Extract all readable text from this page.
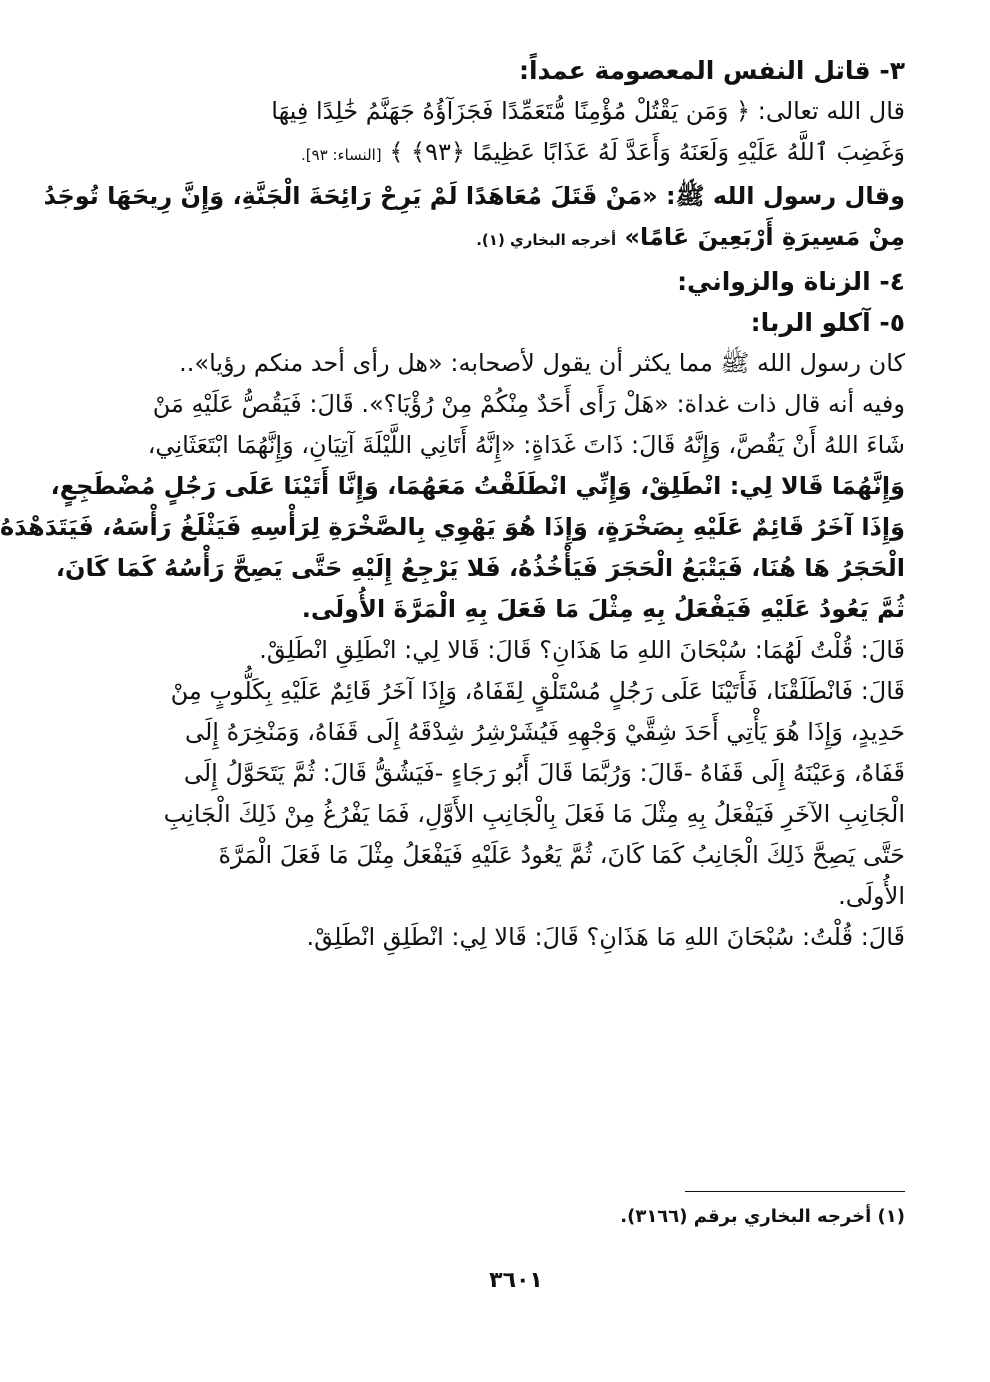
٣- قاتل النفس المعصومة عمداً:
قال الله تعالى: ﴿ وَمَن يَقْتُلْ مُؤْمِنًا مُّتَعَمِّدًا فَجَزَآؤُهُ جَهَنَّمُ خَٰلِدًا فِيهَا
وَغَضِبَ ٱللَّهُ عَلَيْهِ وَلَعَنَهُ وَأَعَدَّ لَهُ عَذَابًا عَظِيمًا ﴿٩٣﴾ ﴾ [النساء: ٩٣].
وقال رسول الله ﷺ: «مَنْ قَتَلَ مُعَاهَدًا لَمْ يَرِحْ رَائِحَةَ الْجَنَّةِ، وَإِنَّ رِيحَهَا تُوجَدُ
مِنْ مَسِيرَةِ أَرْبَعِينَ عَامًا» أخرجه البخاري (١).
٤- الزناة والزواني:
٥- آكلو الربا:
كان رسول الله ﷺ مما يكثر أن يقول لأصحابه: «هل رأى أحد منكم رؤيا»..
وفيه أنه قال ذات غداة: «هَلْ رَأَى أَحَدٌ مِنْكُمْ مِنْ رُؤْيَا؟». قَالَ: فَيَقُصُّ عَلَيْهِ مَنْ
شَاءَ اللهُ أَنْ يَقُصَّ، وَإِنَّهُ قَالَ: ذَاتَ غَدَاةٍ: «إِنَّهُ أَتَانِي اللَّيْلَةَ آتِيَانِ، وَإِنَّهُمَا ابْتَعَثَانِي،
وَإِنَّهُمَا قَالا لِي: انْطَلِقْ، وَإِنِّي انْطَلَقْتُ مَعَهُمَا، وَإِنَّا أَتَيْنَا عَلَى رَجُلٍ مُضْطَجِعٍ،
وَإِذَا آخَرُ قَائِمٌ عَلَيْهِ بِصَخْرَةٍ، وَإِذَا هُوَ يَهْوِي بِالصَّخْرَةِ لِرَأْسِهِ فَيَثْلَغُ رَأْسَهُ، فَيَتَدَهْدَهُ
الْحَجَرُ هَا هُنَا، فَيَتْبَعُ الْحَجَرَ فَيَأْخُذُهُ، فَلا يَرْجِعُ إِلَيْهِ حَتَّى يَصِحَّ رَأْسُهُ كَمَا كَانَ،
ثُمَّ يَعُودُ عَلَيْهِ فَيَفْعَلُ بِهِ مِثْلَ مَا فَعَلَ بِهِ الْمَرَّةَ الأُولَى.
قَالَ: قُلْتُ لَهُمَا: سُبْحَانَ اللهِ مَا هَذَانِ؟ قَالَ: قَالا لِي: انْطَلِقِ انْطَلِقْ.
قَالَ: فَانْطَلَقْنَا، فَأَتَيْنَا عَلَى رَجُلٍ مُسْتَلْقٍ لِقَفَاهُ، وَإِذَا آخَرُ قَائِمٌ عَلَيْهِ بِكَلُّوبٍ مِنْ
حَدِيدٍ، وَإِذَا هُوَ يَأْتِي أَحَدَ شِقَّيْ وَجْهِهِ فَيُشَرْشِرُ شِدْقَهُ إِلَى قَفَاهُ، وَمَنْخِرَهُ إِلَى
قَفَاهُ، وَعَيْنَهُ إِلَى قَفَاهُ -قَالَ: وَرُبَّمَا قَالَ أَبُو رَجَاءٍ -فَيَشُقُّ قَالَ: ثُمَّ يَتَحَوَّلُ إِلَى
الْجَانِبِ الآخَرِ فَيَفْعَلُ بِهِ مِثْلَ مَا فَعَلَ بِالْجَانِبِ الأَوَّلِ، فَمَا يَفْرُغُ مِنْ ذَلِكَ الْجَانِبِ
حَتَّى يَصِحَّ ذَلِكَ الْجَانِبُ كَمَا كَانَ، ثُمَّ يَعُودُ عَلَيْهِ فَيَفْعَلُ مِثْلَ مَا فَعَلَ الْمَرَّةَ
الأُولَى.
قَالَ: قُلْتُ: سُبْحَانَ اللهِ مَا هَذَانِ؟ قَالَ: قَالا لِي: انْطَلِقِ انْطَلِقْ.
(١) أخرجه البخاري برقم (٣١٦٦).
٣٦٠١
